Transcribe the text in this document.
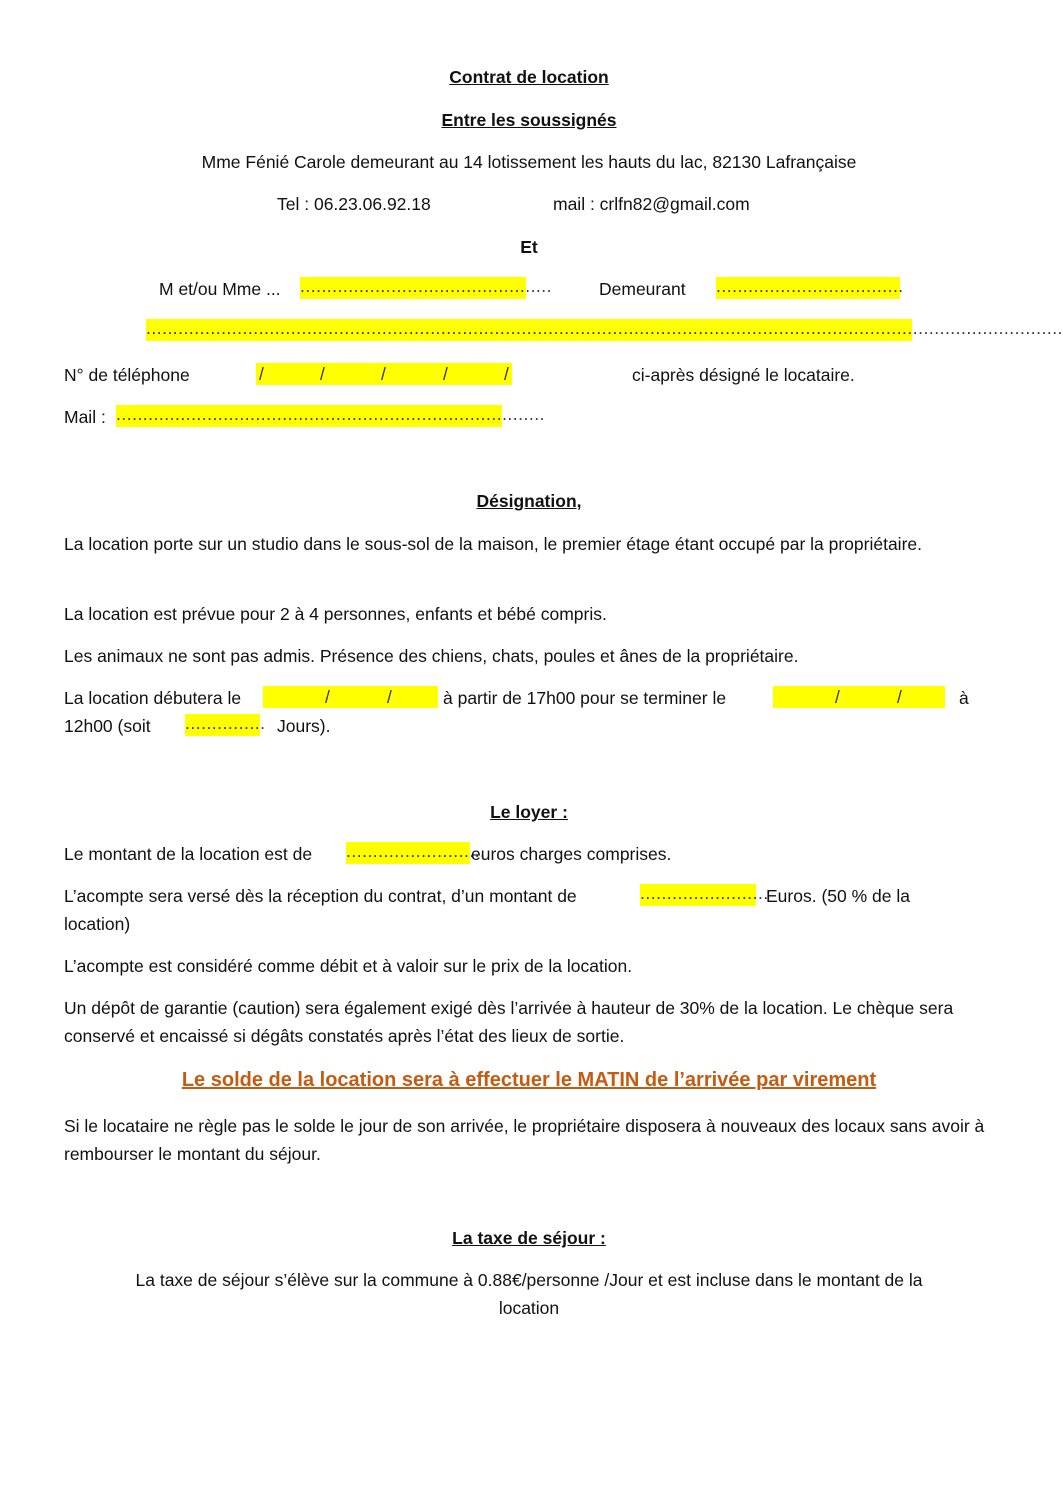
Contrat de location
Entre les soussignés
Mme Fénié Carole demeurant au 14 lotissement les hauts du lac, 82130 Lafrançaise
Tel : 06.23.06.92.18	mail : crlfn82@gmail.com
Et
M et/ou Mme ... ...............................................	Demeurant ...................................
...........................................................................................................................................................................
N° de téléphone	/	/	/	/	/	ci-après désigné le locataire.
Mail : ................................................................................
Désignation,
La location porte sur un studio dans le sous-sol de la maison, le premier étage étant occupé par la propriétaire.
La location est prévue pour 2 à 4 personnes, enfants et bébé compris.
Les animaux ne sont pas admis. Présence des chiens, chats, poules et ânes de la propriétaire.
La location débutera le	/	/	à partir de 17h00 pour se terminer le	/	/	à
12h00 (soit ............... Jours).
Le loyer :
Le montant de la location est de ..........................
euros charges comprises.
L’acompte sera versé dès la réception du contrat, d’un montant de	........................
Euros. (50 % de la
location)
L’acompte est considéré comme débit et à valoir sur le prix de la location.
Un dépôt de garantie (caution) sera également exigé dès l’arrivée à hauteur de 30% de la location. Le chèque sera conservé et encaissé si dégâts constatés après l’état des lieux de sortie.
Le solde de la location sera à effectuer le MATIN de l’arrivée par virement
Si le locataire ne règle pas le solde le jour de son arrivée, le propriétaire disposera à nouveaux des locaux sans avoir à rembourser le montant du séjour.
La taxe de séjour :
La taxe de séjour s’élève sur la commune à 0.88€/personne /Jour et est incluse dans le montant de la
location
